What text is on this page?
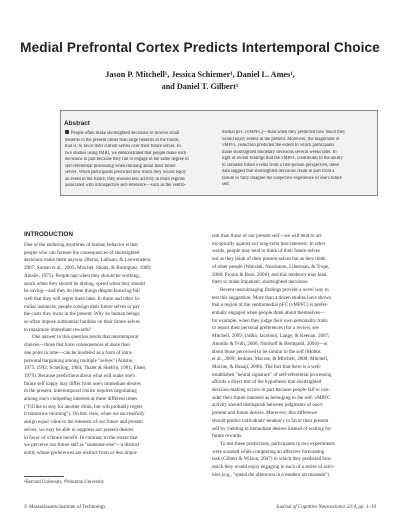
Medial Prefrontal Cortex Predicts Intertemporal Choice
Jason P. Mitchell¹, Jessica Schirmer¹, Daniel L. Ames¹,
and Daniel T. Gilbert¹
Abstract
People often make shortsighted decisions to receive small
benefits in the present rather than large benefits in the future,
that is, to favor their current selves over their future selves. In
two studies using fMRI, we demonstrated that people make such
decisions in part because they fail to engage in the same degree of
self-referential processing when thinking about their future
selves. When participants predicted how much they would enjoy
an event in the future, they showed less activity in brain regions
associated with introspective self-reference—such as the ventro-
medial pFC (vMPFC)—than when they predicted how much they
would enjoy events in the present. Moreover, the magnitude of
vMPFC reduction predicted the extent to which participants
made shortsighted monetary decisions several weeks later. In
light of recent findings that the vMPFC contributes to the ability
to simulate future events from a first-person perspective, these
data suggest that shortsighted decisions result in part from a
failure to fully imagine the subjective experience of one's future
self.
INTRODUCTION
One of the enduring mysteries of human behavior is that
people who can foresee the consequences of shortsighted
decisions make them anyway (Berns, Laibson, & Loewenstein,
2007; Soman et al., 2005; Mischel, Shoda, & Rodriguez, 1989;
Ainslie, 1975). People nap when they should be working,
snack when they should be dieting, spend when they should
be saving—and they do these things despite knowing full
well that they will regret them later. In these and other fa-
miliar instances, people consign their future selves to pay
the costs they incur in the present. Why do human beings
so often impose substantial burdens on their future selves
to maximize immediate rewards?
One answer to this question posits that intertemporal
choices—those that have consequences at more than
one point in time—can be modeled as a form of intra-
personal bargaining among multiple "selves" (Ainslie,
1975, 1992; Schelling, 1984; Thaler & Shefrin, 1981; Elster,
1979). Because predictions about what will make one's
future self happy may differ from one's immediate desires
in the present, intertemporal choice requires negotiating
among one's competing interests at these different times
("I'd like to stay for another drink, but will probably regret
it tomorrow morning"). On this view, when we successfully
assign equal value to the interests of our future and present
selves, we may be able to suppress our present desires
in favor of a future benefit. In contrast, to the extent that
we perceive our future self as "someone else"—a distinct
entity whose preferences are distinct from or less impor-
tant than those of our present self—we will tend to act
myopically against our long-term best interests. In other
words, people may tend to think of their future selves
not as they think of their present selves but as they think
of other people (Wakslak, Nussbaum, Liberman, & Trope,
2008; Pronin & Ross, 2006), and this tendency may lead
them to make impatient, shortsighted decisions.
Recent neuroimaging findings provide a novel way to
test this suggestion. More than a dozen studies have shown
that a region of the ventromedial pFC (vMPFC) is prefer-
entially engaged when people think about themselves—
for example, when they judge their own personality traits
or report their personal preferences (for a review, see
Mitchell, 2009; Uddin, Iacoboni, Lange, & Keenan, 2007;
Amodio & Frith, 2006; Northoff & Bermpohl, 2004)—or
about those perceived to be similar to the self (Mobbs
et al., 2009; Jenkins, Macrae, & Mitchell, 2008; Mitchell,
Macrae, & Banaji, 2006). The fact that there is a well-
established "neural signature" of self-referential processing
affords a direct test of the hypothesis that shortsighted
decision-making occurs in part because people fail to con-
sider their future interests as belonging to the self: vMPFC
activity should distinguish between judgments of one's
present and future desires. Moreover, this difference
should predict individuals' tendency to favor their present
self by yielding to immediate desires instead of waiting for
future rewards.
To test these predictions, participants in two experiments
were scanned while completing an affective forecasting
task (Gilbert & Wilson, 2007) in which they predicted how
much they would enjoy engaging in each of a series of activ-
ities (e.g., "spend the afternoon in a modern art museum")
¹Harvard University, ²Princeton University
© Massachusetts Institute of Technology	Journal of Cognitive Neuroscience 23:4, pp. 1–10
